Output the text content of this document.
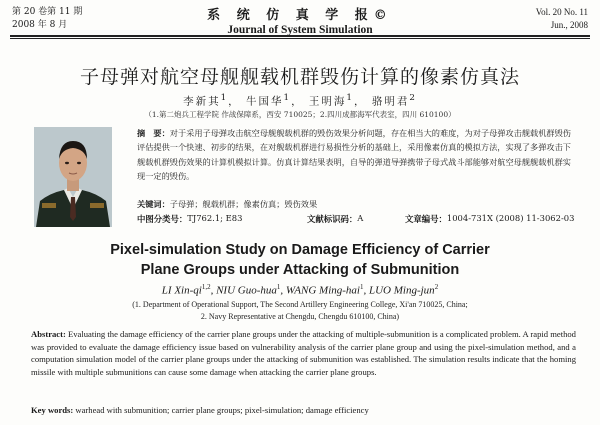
第 20 卷第 11 期
2008 年 8 月
系 统 仿 真 学 报©
Journal of System Simulation
Vol. 20 No. 11
Jun., 2008
子母弹对航空母舰舰载机群毁伤计算的像素仿真法
李新其$^1$， 牛国华$^1$， 王明海$^1$， 骆明君$^2$
（1.第二炮兵工程学院 作战保障系，西安 710025；2.四川成都海军代表室，四川 610100）
摘　要：对于采用子母弹攻击航空母舰舰载机群的毁伤效果分析问题，存在相当大的难度，为对子母弹攻击舰载机群毁伤评估提供一个快速、初步的结果，在对舰载机群进行易损性分析的基础上，采用像素仿真的模拟方法，实现了多弹攻击下舰载机群毁伤效果的计算机模拟计算。仿真计算结果表明，自导的弹道导弹携带子母式战斗部能够对航空母舰舰载机群实现一定的毁伤。
关键词：子母弹；舰载机群；像素仿真；毁伤效果
中图分类号： TJ762.1; E83	文献标识码： A	文章编号： 1004-731X (2008) 11-3062-03
Pixel-simulation Study on Damage Efficiency of Carrier Plane Groups under Attacking of Submunition
LI Xin-qi$^{1,2}$, NIU Guo-hua$^1$, WANG Ming-hai$^1$, LUO Ming-jun$^2$
(1. Department of Operational Support, The Second Artillery Engineering College, Xi'an 710025, China;
2. Navy Representative at Chengdu, Chengdu 610100, China)
Abstract: Evaluating the damage efficiency of the carrier plane groups under the attacking of multiple-submunition is a complicated problem. A rapid method was provided to evaluate the damage efficiency issue based on vulnerability analysis of the carrier plane group and using the pixel-simulation method, and a computation simulation model of the carrier plane groups under the attacking of submunition was established. The simulation results indicate that the homing missile with multiple submunitions can cause some damage when attacking the carrier plane groups.
Key words: warhead with submunition; carrier plane groups; pixel-simulation; damage efficiency
